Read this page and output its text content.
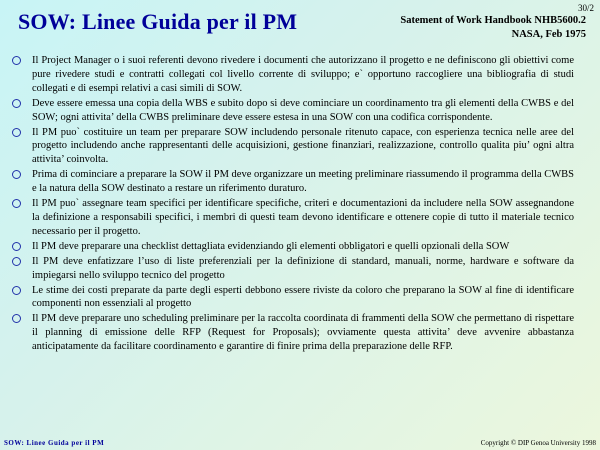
30/2
SOW: Linee Guida per il PM	Satement of Work Handbook NHB5600.2
NASA, Feb 1975
Il Project Manager o i suoi referenti devono rivedere i documenti che autorizzano il progetto e ne definiscono gli obiettivi come pure rivedere studi e contratti collegati col livello corrente di sviluppo; e` opportuno raccogliere una bibliografia di studi collegati e di esempi relativi a casi simili di SOW.
Deve essere emessa una copia della WBS e subito dopo si deve cominciare un coordinamento tra gli elementi della CWBS e del SOW; ogni attivita’ della CWBS preliminare deve essere estesa in una SOW con una codifica corrispondente.
Il PM puo` costituire un team per preparare SOW includendo personale ritenuto capace, con esperienza tecnica nelle aree del progetto includendo anche rappresentanti delle acquisizioni, gestione finanziari, realizzazione, controllo qualita piu’ ogni altra attivita’ coinvolta.
Prima di cominciare a preparare la SOW il PM deve organizzare un meeting preliminare riassumendo il programma della CWBS e la natura della SOW destinato a restare un riferimento duraturo.
Il PM puo` assegnare team specifici per identificare specifiche, criteri e documentazioni da includere nella SOW assegnandone la definizione a responsabili specifici, i membri di questi team devono identificare e ottenere copie di tutto il materiale tecnico necessario per il progetto.
Il PM deve preparare una checklist dettagliata evidenziando gli elementi obbligatori e quelli opzionali della SOW
Il PM deve enfatizzare l’uso di liste preferenziali per la definizione di standard, manuali, norme, hardware e software da impiegarsi nello sviluppo tecnico del progetto
Le stime dei costi preparate da parte degli esperti debbono essere riviste da coloro che preparano la SOW al fine di identificare componenti non essenziali al progetto
Il PM deve preparare uno scheduling preliminare per la raccolta coordinata di frammenti della SOW che permettano di rispettare il planning di emissione delle RFP (Request for Proposals); ovviamente questa attivita’ deve avvenire abbastanza anticipatamente da facilitare coordinamento e garantire di finire prima della preparazione delle RFP.
SOW: Linee Guida per il PM	Copyright © DIP Genoa University 1998
